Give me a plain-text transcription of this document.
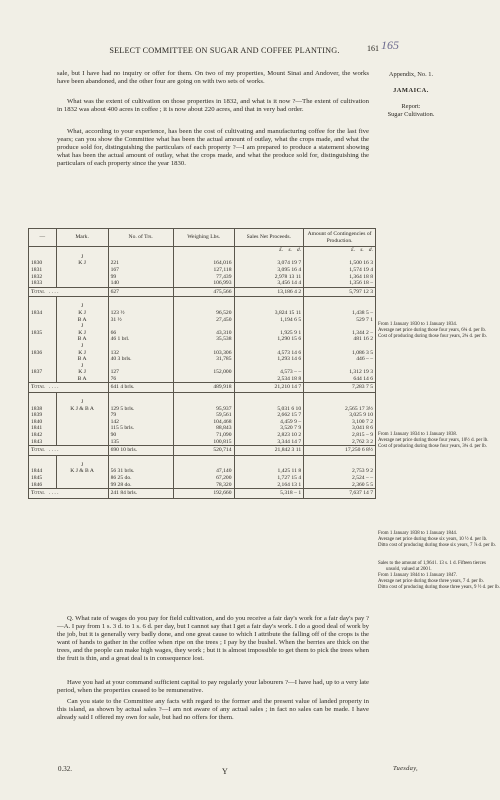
SELECT COMMITTEE ON SUGAR AND COFFEE PLANTING.	161 165
Appendix, No. 1.
JAMAICA.
Report:
Sugar Cultivation.
sale, but I have had no inquiry or offer for them. On two of my properties, Mount Sinai and Andover, the works have been abandoned, and the other four are going on with two sets of works.
What was the extent of cultivation on those properties in 1832, and what is it now ?—The extent of cultivation in 1832 was about 400 acres in coffee ; it is now about 220 acres, and that in very bad order.
What, according to your experience, has been the cost of cultivating and manufacturing coffee for the last five years; can you show the Committee what has been the actual amount of outlay, what the crops made, and what the produce sold for, distinguishing the particulars of each property ?—I am prepared to produce a statement showing what has been the actual amount of outlay, what the crops made, and what the produce sold for, distinguishing the particulars of each property since the year 1830.
—	Mark.	No. of Trs.	Weighing Lbs.	Sales Net Proceeds.	Amount of Contingencies of Production.
				£. s. d.	£. s. d.
	J				
1830	K J	221	164,016	3,074 19 7	1,500 16 3
1831		167	127,118	3,095 16 4	1,574 19 4
1832		99	77,439	2,978 13 11	1,364 18 8
1833		140	106,993	3,456 14 4	1,356 18 –
Total . . . .		627	475,566	13,186 4 2	5,797 12 3

	J				
1834	K J	123 ½	96,520	3,824 15 11	1,438 5 –
	B A	31 ½	27,450	1,194 6 5	529 7 1
	J				
1835	K J	66	43,310	1,925 9 1	1,344 2 –
	B A	46 1 brl.	35,538	1,290 15 6	481 16 2
	J				
1836	K J	132	103,306	4,573 14 6	1,086 3 5
	B A	40 3 brls.	31,785	1,293 14 6	446 – –
	J				
1837	K J	127	152,000	4,573 – –	1,312 19 3
	B A	76		2,534 18 8	644 14 6
Total . . . .		641 4 brls.	489,918	21,210 14 7	7,283 7 5

	J				
1838	K J & B A	129 5 brls.	95,937	5,031 6 10	2,565 17 3½
1839		79	59,561	2,662 15 7	3,025 9 10
1840		142	104,468	4,459 9 –	3,100 7 2
1841		115 5 brls.	88,843	3,520 7 9	3,041 8 6
1842		90	71,090	2,823 10 2	2,815 – 9
1843		135	100,815	3,344 14 7	2,762 3 2
Total . . . .		690 10 brls.	520,714	21,842 3 11	17,250 6 8½

	J				
1844	K J & B A	56 31 brls.	47,140	1,425 11 8	2,753 9 2
1845		86 25 do.	67,200	1,727 15 4	2,524 – –
1846		99 28 do.	78,320	2,164 13 1	2,360 5 5
Total . . . .		241 84 brls.	192,660	5,318 – 1	7,637 14 7
From 1 January 1830 to 1 January 1834.
Average net price during those four years, 6¾ d. per lb.
Cost of producing during those four years, 2¾ d. per lb.
From 1 January 1834 to 1 January 1838.
Average net price during those four years, 10½ d. per lb.
Cost of producing during those four years, 3¾ d. per lb.
From 1 January 1838 to 1 January 1844.
Average net price during those six years, 10 ½ d. per lb.
Ditto cost of producing during those six years, 7 ⅞ d. per lb.
Sales to the amount of 1,964 l. 13 s. 1 d. Fifteen tierces
unsold, valued at 200 l.
From 1 January 1844 to 1 January 1847.
Average net price during those three years, 7 d. per lb.
Ditto cost of producing during those three years, 9 ½ d. per lb.
Q. What rate of wages do you pay for field cultivation, and do you receive a fair day's work for a fair day's pay ?—A. I pay from 1 s. 3 d. to 1 s. 6 d. per day, but I cannot say that I get a fair day's work. I do a good deal of work by the job, but it is generally very badly done, and one great cause to which I attribute the falling off of the crops is the want of hands to gather in the coffee when ripe on the trees ; I pay by the bushel. When the berries are thick on the trees, and the people can make high wages, they work ; but it is almost impossible to get them to pick the trees when the fruit is thin, and a great deal is in consequence lost.
Have you had at your command sufficient capital to pay regularly your labourers ?—I have had, up to a very late period, when the properties ceased to be remunerative.
Can you state to the Committee any facts with regard to the former and the present value of landed property in this island, as shown by actual sales ?—I am not aware of any actual sales ; in fact no sales can be made. I have already said I offered my own for sale, but had no offers for them.
0.32.	Y	Tuesday,
